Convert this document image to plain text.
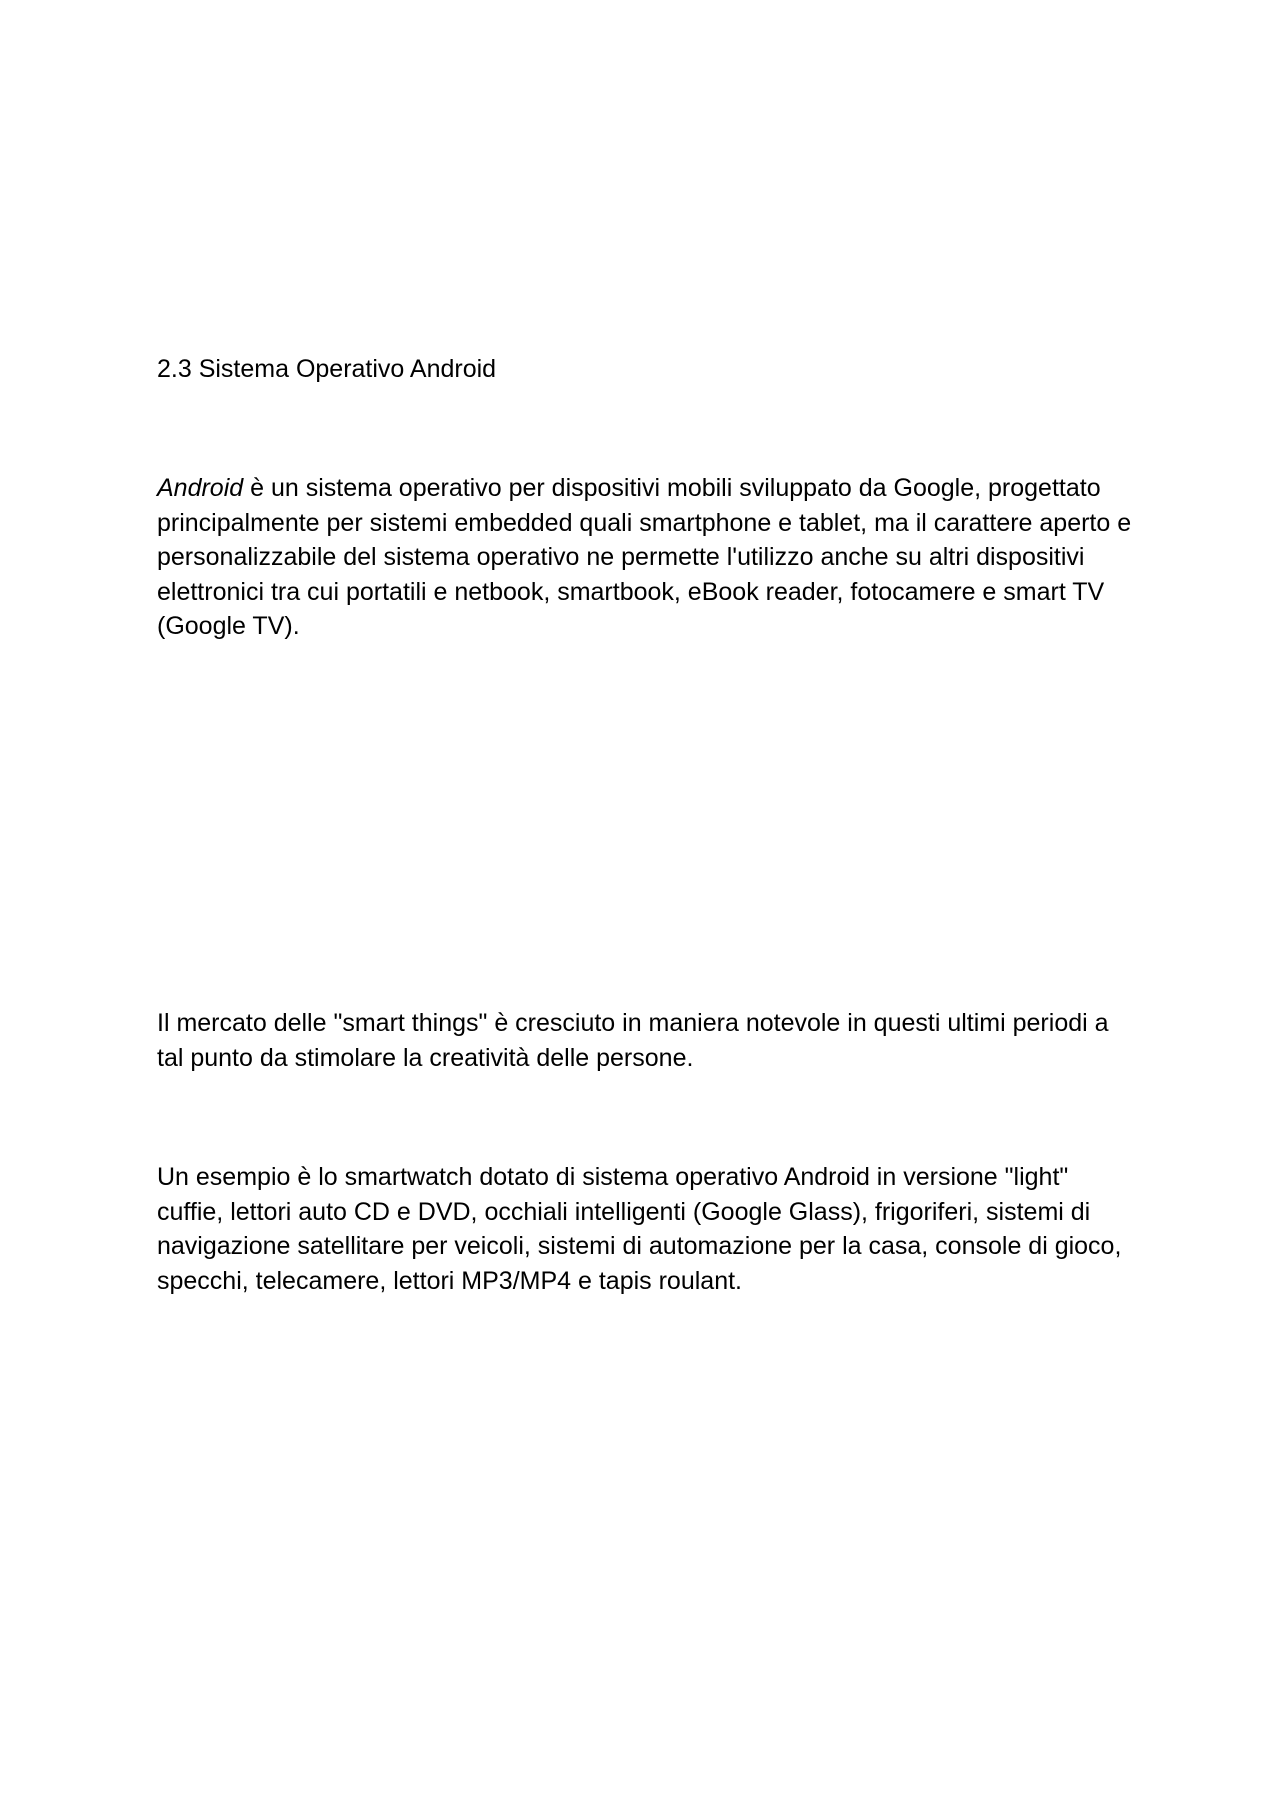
2.3 Sistema Operativo Android

Android è un sistema operativo per dispositivi mobili sviluppato da Google, progettato principalmente per sistemi embedded quali smartphone e tablet, ma il carattere aperto e personalizzabile del sistema operativo ne permette l'utilizzo anche su altri dispositivi elettronici tra cui portatili e netbook, smartbook, eBook reader, fotocamere e smart TV (Google TV).

Il mercato delle "smart things" è cresciuto in maniera notevole in questi ultimi periodi a tal punto da stimolare la creatività delle persone.

Un esempio è lo smartwatch dotato di sistema operativo Android in versione "light" cuffie, lettori auto CD e DVD, occhiali intelligenti (Google Glass), frigoriferi, sistemi di navigazione satellitare per veicoli, sistemi di automazione per la casa, console di gioco, specchi, telecamere, lettori MP3/MP4 e tapis roulant.
